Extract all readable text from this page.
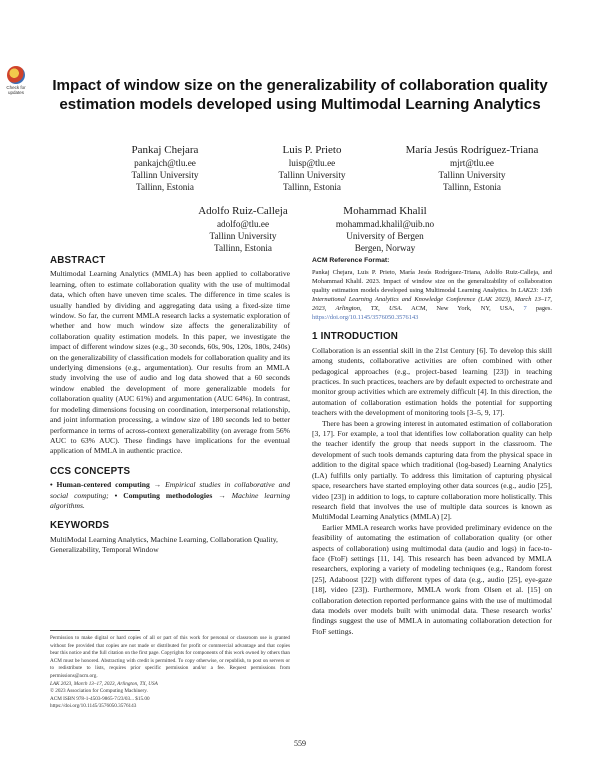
Check for updates	Impact of window size on the generalizability of collaboration quality estimation models developed using Multimodal Learning Analytics
Pankaj Chejara
pankajch@tlu.ee
Tallinn University
Tallinn, Estonia
Luis P. Prieto
luisp@tlu.ee
Tallinn University
Tallinn, Estonia
María Jesús Rodríguez-Triana
mjrt@tlu.ee
Tallinn University
Tallinn, Estonia
Adolfo Ruiz-Calleja
adolfo@tlu.ee
Tallinn University
Tallinn, Estonia
Mohammad Khalil
mohammad.khalil@uib.no
University of Bergen
Bergen, Norway
ABSTRACT

Multimodal Learning Analytics (MMLA) has been applied to collaborative learning, often to estimate collaboration quality with the use of multimodal data, which often have uneven time scales. The difference in time scales is usually handled by dividing and aggregating data using a fixed-size time window. So far, the current MMLA research lacks a systematic exploration of whether and how much window size affects the generalizability of collaboration quality estimation models. In this paper, we investigate the impact of different window sizes (e.g., 30 seconds, 60s, 90s, 120s, 180s, 240s) on the generalizability of classification models for collaboration quality and its underlying dimensions (e.g., argumentation). Our results from an MMLA study involving the use of audio and log data showed that a 60 seconds window enabled the development of more generalizable models for collaboration quality (AUC 61%) and argumentation (AUC 64%). In contrast, for modeling dimensions focusing on coordination, interpersonal relationship, and joint information processing, a window size of 180 seconds led to better performance in terms of across-context generalizability (on average from 56% AUC to 63% AUC). These findings have implications for the eventual application of MMLA in authentic practice.

CCS CONCEPTS

• Human-centered computing → Empirical studies in collaborative and social computing; • Computing methodologies → Machine learning algorithms.

KEYWORDS

MultiModal Learning Analytics, Machine Learning, Collaboration Quality, Generalizability, Temporal Window

Permission to make digital or hard copies of all or part of this work for personal or classroom use is granted without fee provided that copies are not made or distributed for profit or commercial advantage and that copies bear this notice and the full citation on the first page. Copyrights for components of this work owned by others than ACM must be honored. Abstracting with credit is permitted. To copy otherwise, or republish, to post on servers or to redistribute to lists, requires prior specific permission and/or a fee. Request permissions from permissions@acm.org.
LAK 2023, March 13–17, 2023, Arlington, TX, USA
© 2023 Association for Computing Machinery.
ACM ISBN 978-1-4503-9865-7/23/03... $15.00
https://doi.org/10.1145/3576050.3576143
ACM Reference Format:

Pankaj Chejara, Luis P. Prieto, María Jesús Rodríguez-Triana, Adolfo Ruiz-Calleja, and Mohammad Khalil. 2023. Impact of window size on the generalizability of collaboration quality estimation models developed using Multimodal Learning Analytics. In LAK23: 13th International Learning Analytics and Knowledge Conference (LAK 2023), March 13–17, 2023, Arlington, TX, USA. ACM, New York, NY, USA, 7 pages. https://doi.org/10.1145/3576050.3576143

1 INTRODUCTION

Collaboration is an essential skill in the 21st Century [6]. To develop this skill among students, collaborative activities are often combined with other pedagogical approaches (e.g., project-based learning [23]) in teaching practices. In such practices, teachers are by default expected to orchestrate and monitor group activities which are extremely difficult [4]. In this direction, the automation of collaboration estimation holds the potential for supporting teachers with the development of monitoring tools [3–5, 9, 17].

There has been a growing interest in automated estimation of collaboration [3, 17]. For example, a tool that identifies low collaboration quality can help the teacher identify the group that needs support in the classroom. The development of such tools demands capturing data from the physical space in addition to the digital space which traditional (log-based) Learning Analytics (LA) fulfills only partially. To address this limitation of capturing physical space, researchers have started employing other data sources (e.g., audio [25], video [23]) in addition to logs, to capture collaboration more holistically. This research field that involves the use of multiple data sources is known as MultiModal Learning Analytics (MMLA) [2].

Earlier MMLA research works have provided preliminary evidence on the feasibility of automating the estimation of collaboration quality (or other aspects of collaboration) using multimodal data (audio and logs) in face-to-face (FtoF) settings [11, 14]. This research has been advanced by MMLA researchers, exploring a variety of modeling techniques (e.g., Random forest [25], Adaboost [22]) with different types of data (e.g., audio [25], eye-gaze [18], video [23]). Furthermore, MMLA work from Olsen et al. [15] on collaboration detection reported performance gains with the use of multimodal data models over models built with unimodal data. These research works' findings suggest the use of MMLA in automating collaboration detection for FtoF settings.

559
